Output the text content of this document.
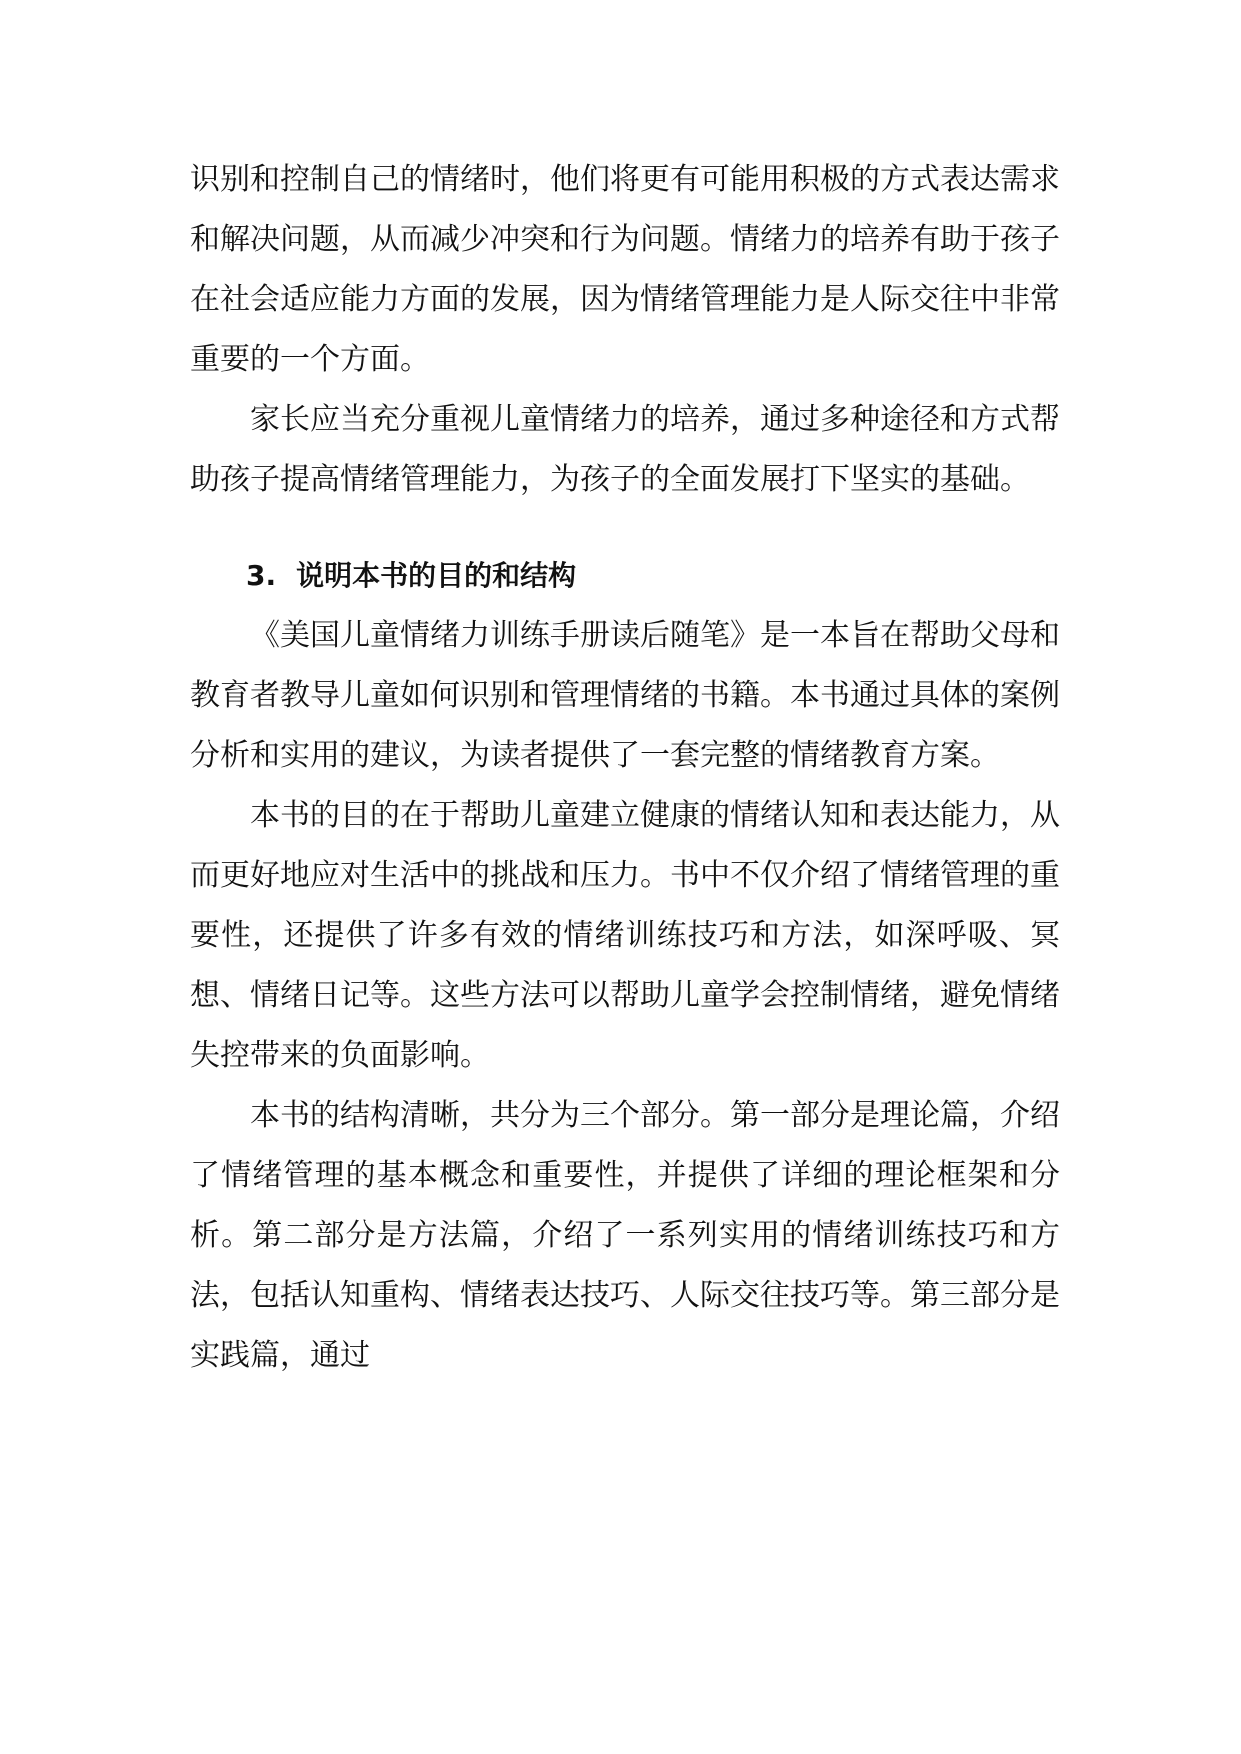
识别和控制自己的情绪时，他们将更有可能用积极的方式表达需求和解决问题，从而减少冲突和行为问题。情绪力的培养有助于孩子在社会适应能力方面的发展，因为情绪管理能力是人际交往中非常重要的一个方面。

家长应当充分重视儿童情绪力的培养，通过多种途径和方式帮助孩子提高情绪管理能力，为孩子的全面发展打下坚实的基础。

3. 说明本书的目的和结构

《美国儿童情绪力训练手册读后随笔》是一本旨在帮助父母和教育者教导儿童如何识别和管理情绪的书籍。本书通过具体的案例分析和实用的建议，为读者提供了一套完整的情绪教育方案。

本书的目的在于帮助儿童建立健康的情绪认知和表达能力，从而更好地应对生活中的挑战和压力。书中不仅介绍了情绪管理的重要性，还提供了许多有效的情绪训练技巧和方法，如深呼吸、冥想、情绪日记等。这些方法可以帮助儿童学会控制情绪，避免情绪失控带来的负面影响。

本书的结构清晰，共分为三个部分。第一部分是理论篇，介绍了情绪管理的基本概念和重要性，并提供了详细的理论框架和分析。第二部分是方法篇，介绍了一系列实用的情绪训练技巧和方法，包括认知重构、情绪表达技巧、人际交往技巧等。第三部分是实践篇，通过
